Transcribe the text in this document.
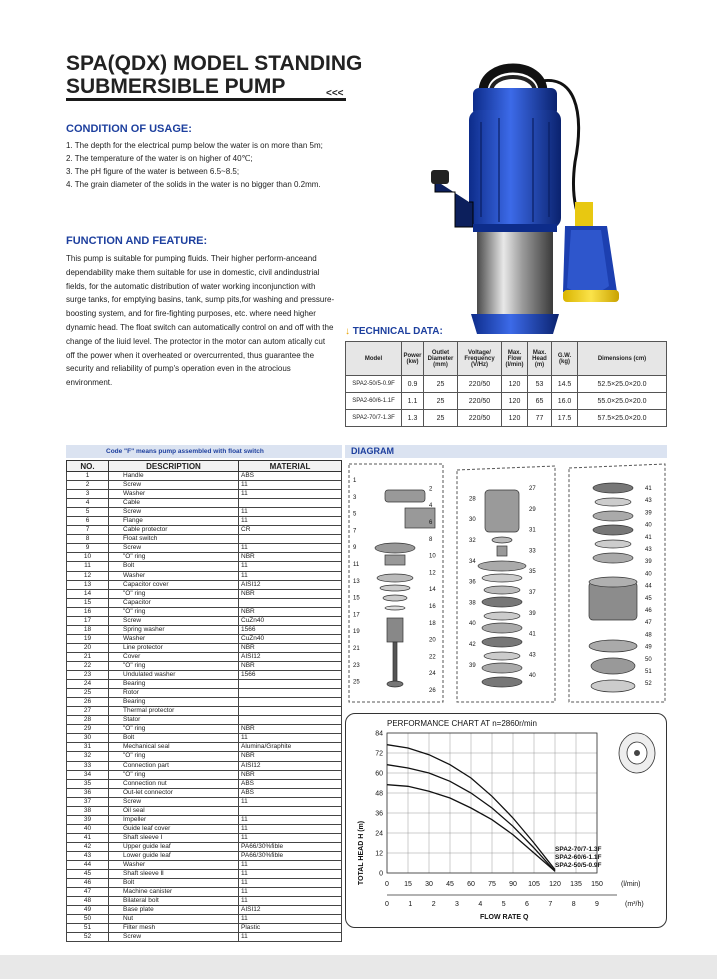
SPA(QDX) MODEL STANDING
SUBMERSIBLE PUMP	<<<
CONDITION OF USAGE:
1. The depth for the electrical pump below the water is on more than 5m;
2. The temperature of the water is on higher of 40℃;
3. The pH figure of the water is between 6.5~8.5;
4. The grain diameter of the solids in the water is no bigger than 0.2mm.
FUNCTION AND FEATURE:
This pump is suitable for pumping fluids. Their higher perform-anceand dependability make them suitable for use in domestic, civil andindustrial fields, for the automatic distribution of water working inconjunction with surge tanks, for emptying basins, tank, sump pits,for washing and pressure-boosting system, and for fire-fighting purposes, etc. where need higher dynamic head. The float switch can automatically control on and off with the change of the liuid level. The protector in the motor can autom atically cut off the power when it overheated or overcurrented, thus guarantee the security and reliability of pump's operation even in the atrocious environment.
↓ TECHNICAL DATA:
Model	Power (kw)	Outlet Diameter (mm)	Voltage/ Frequency (V/Hz)	Max. Flow (l/min)	Max. Head (m)	G.W. (kg)	Dimensions (cm)
SPA2-50/5-0.9F	0.9	25	220/50	120	53	14.5	52.5×25.0×20.0
SPA2-60/6-1.1F	1.1	25	220/50	120	65	16.0	55.0×25.0×20.0
SPA2-70/7-1.3F	1.3	25	220/50	120	77	17.5	57.5×25.0×20.0
Code "F" means pump assembled with float switch
NO.	DESCRIPTION	MATERIAL
1	Handle	ABS
2	Screw	11
3	Washer	11
4	Cable	
5	Screw	11
6	Flange	11
7	Cable protector	CR
8	Float switch	
9	Screw	11
10	"O" ring	NBR
11	Bolt	11
12	Washer	11
13	Capacitor cover	AISI12
14	"O" ring	NBR
15	Capacitor	
16	"O" ring	NBR
17	Screw	CuZn40
18	Spring washer	1566
19	Washer	CuZn40
20	Line protector	NBR
21	Cover	AISI12
22	"O" ring	NBR
23	Undulated washer	1566
24	Bearing	
25	Rotor	
26	Bearing	
27	Thermal protector	
28	Stator	
29	"O" ring	NBR
30	Bolt	11
31	Mechanical seal	Alumina/Graphite
32	"O" ring	NBR
33	Connection part	AISI12
34	"O" ring	NBR
35	Connection nut	ABS
36	Out-let connector	ABS
37	Screw	11
38	Oil seal	
39	Impeller	11
40	Guide leaf cover	11
41	Shaft sleeve Ⅰ	11
42	Upper guide leaf	PA66/30%fible
43	Lower guide leaf	PA66/30%fible
44	Washer	11
45	Shaft sleeve Ⅱ	11
46	Bolt	11
47	Machine canister	11
48	Bilateral bolt	11
49	Base plate	AISI12
50	Nut	11
51	Filter mesh	Plastic
52	Screw	11
DIAGRAM
1
2
3
4
5
6
7
8
9
10
11
12
13
14
15
16
17
18
19
20
21
22
23
24
25
26
27
28
29
30
31
32
33
34
35
36
37
38
39
40
41
42
43
39
40
41
43
39
40
41
43
39
40
44
45
46
47
48
49
50
51
52
PERFORMANCE CHART AT n=2860r/min
TOTAL HEAD H (m)
84
72
60
48
36
24
12
0
0 15 30 45 60 75 90 105 120 135 150
0	1	2	3	4	5	6	7	8	9
SPA2-70/7-1.3F
SPA2-60/6-1.1F
SPA2-50/5-0.9F
(l/min)
(m³/h)
FLOW RATE Q
